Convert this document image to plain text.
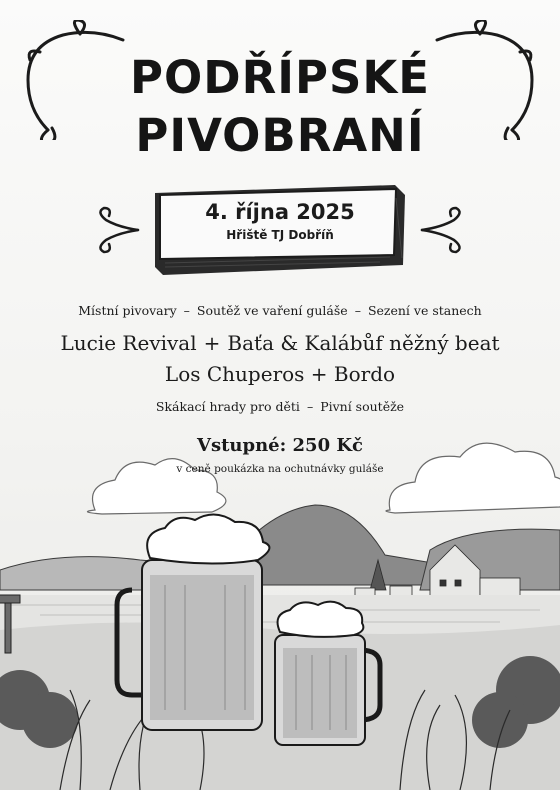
PODŘÍPSKÉ
PIVOBRANÍ
4. října 2025
Hřiště TJ Dobříň
Místní pivovary – Soutěž ve vaření guláše – Sezení ve stanech
Lucie Revival + Baťa & Kalábůf něžný beat
Los Chuperos + Bordo
Skákací hrady pro děti – Pivní soutěže
Vstupné: 250 Kč
v ceně poukázka na ochutnávky guláše
